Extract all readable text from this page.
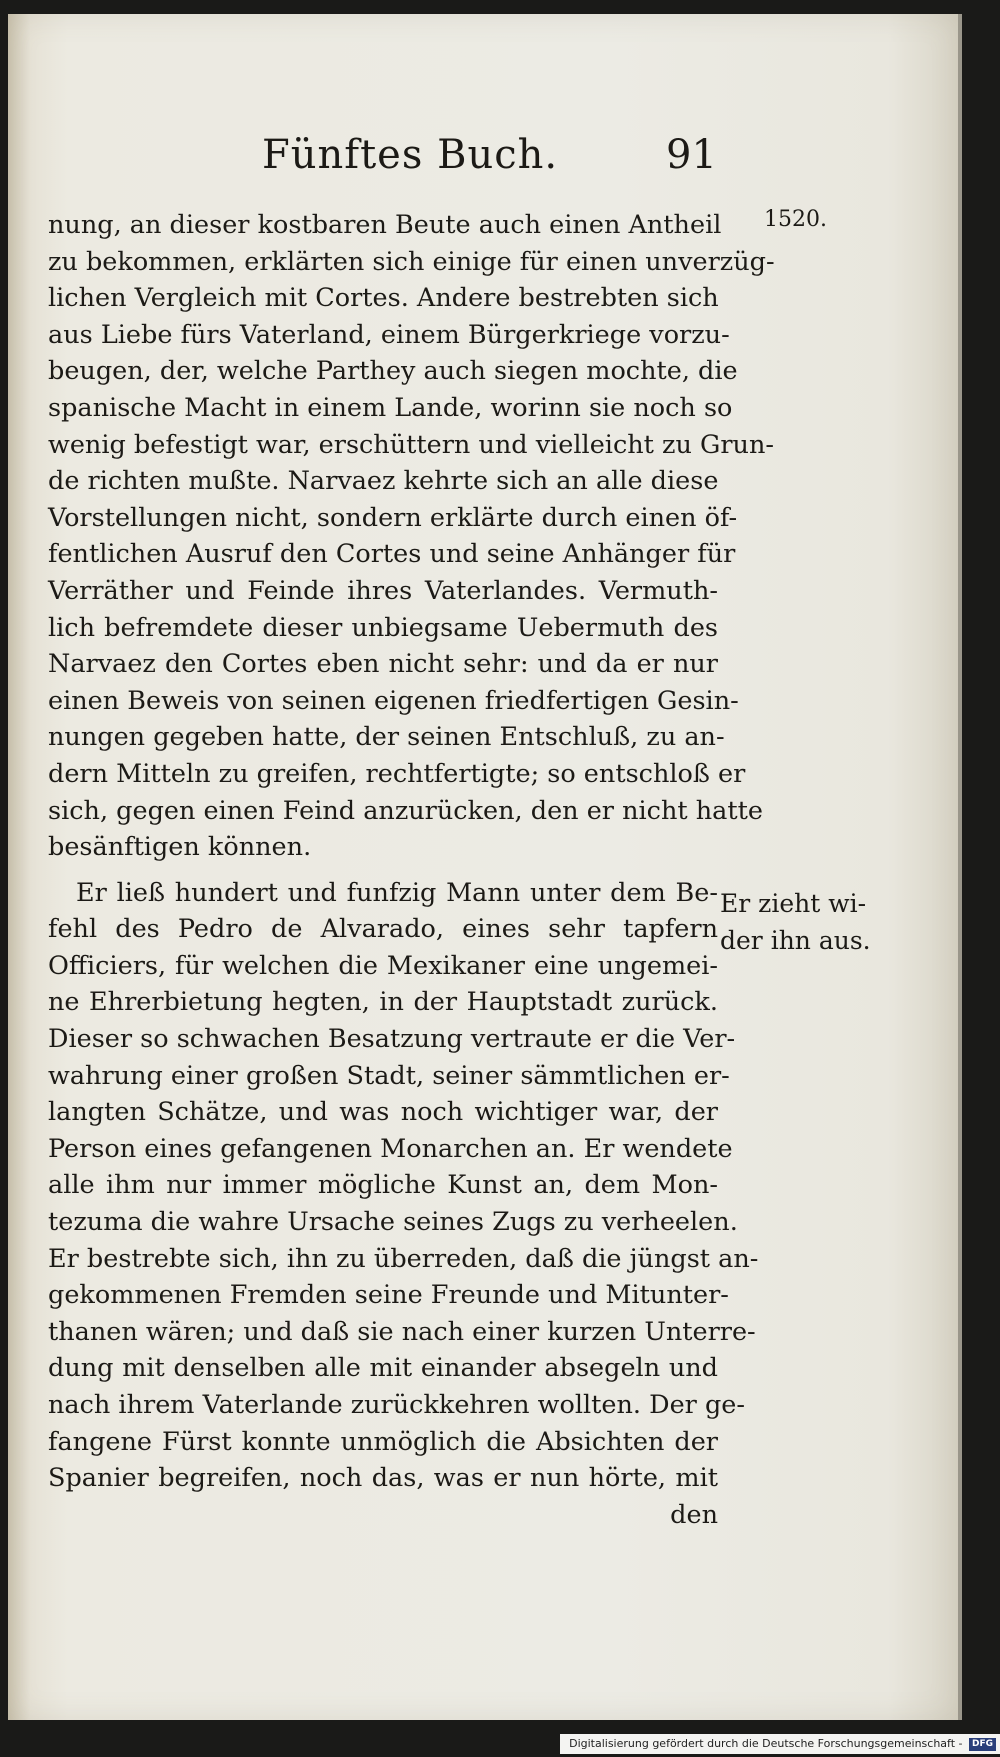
Fünftes Buch.	91
1520.
nung, an dieser kostbaren Beute auch einen Antheil
zu bekommen, erklärten sich einige für einen unverzüg-
lichen Vergleich mit Cortes. Andere bestrebten sich
aus Liebe fürs Vaterland, einem Bürgerkriege vorzu-
beugen, der, welche Parthey auch siegen mochte, die
spanische Macht in einem Lande, worinn sie noch so
wenig befestigt war, erschüttern und vielleicht zu Grun-
de richten mußte. Narvaez kehrte sich an alle diese
Vorstellungen nicht, sondern erklärte durch einen öf-
fentlichen Ausruf den Cortes und seine Anhänger für
Verräther und Feinde ihres Vaterlandes. Vermuth-
lich befremdete dieser unbiegsame Uebermuth des
Narvaez den Cortes eben nicht sehr: und da er nur
einen Beweis von seinen eigenen friedfertigen Gesin-
nungen gegeben hatte, der seinen Entschluß, zu an-
dern Mitteln zu greifen, rechtfertigte; so entschloß er
sich, gegen einen Feind anzurücken, den er nicht hatte
besänftigen können.
Er ließ hundert und funfzig Mann unter dem Be-
fehl des Pedro de Alvarado, eines sehr tapfern
Officiers, für welchen die Mexikaner eine ungemei-
ne Ehrerbietung hegten, in der Hauptstadt zurück.
Dieser so schwachen Besatzung vertraute er die Ver-
wahrung einer großen Stadt, seiner sämmtlichen er-
langten Schätze, und was noch wichtiger war, der
Person eines gefangenen Monarchen an. Er wendete
alle ihm nur immer mögliche Kunst an, dem Mon-
tezuma die wahre Ursache seines Zugs zu verheelen.
Er bestrebte sich, ihn zu überreden, daß die jüngst an-
gekommenen Fremden seine Freunde und Mitunter-
thanen wären; und daß sie nach einer kurzen Unterre-
dung mit denselben alle mit einander absegeln und
nach ihrem Vaterlande zurückkehren wollten. Der ge-
fangene Fürst konnte unmöglich die Absichten der
Spanier begreifen, noch das, was er nun hörte, mit
den
Er zieht wi-
der ihn aus.
Digitalisierung gefördert durch die Deutsche Forschungsgemeinschaft - DFG
